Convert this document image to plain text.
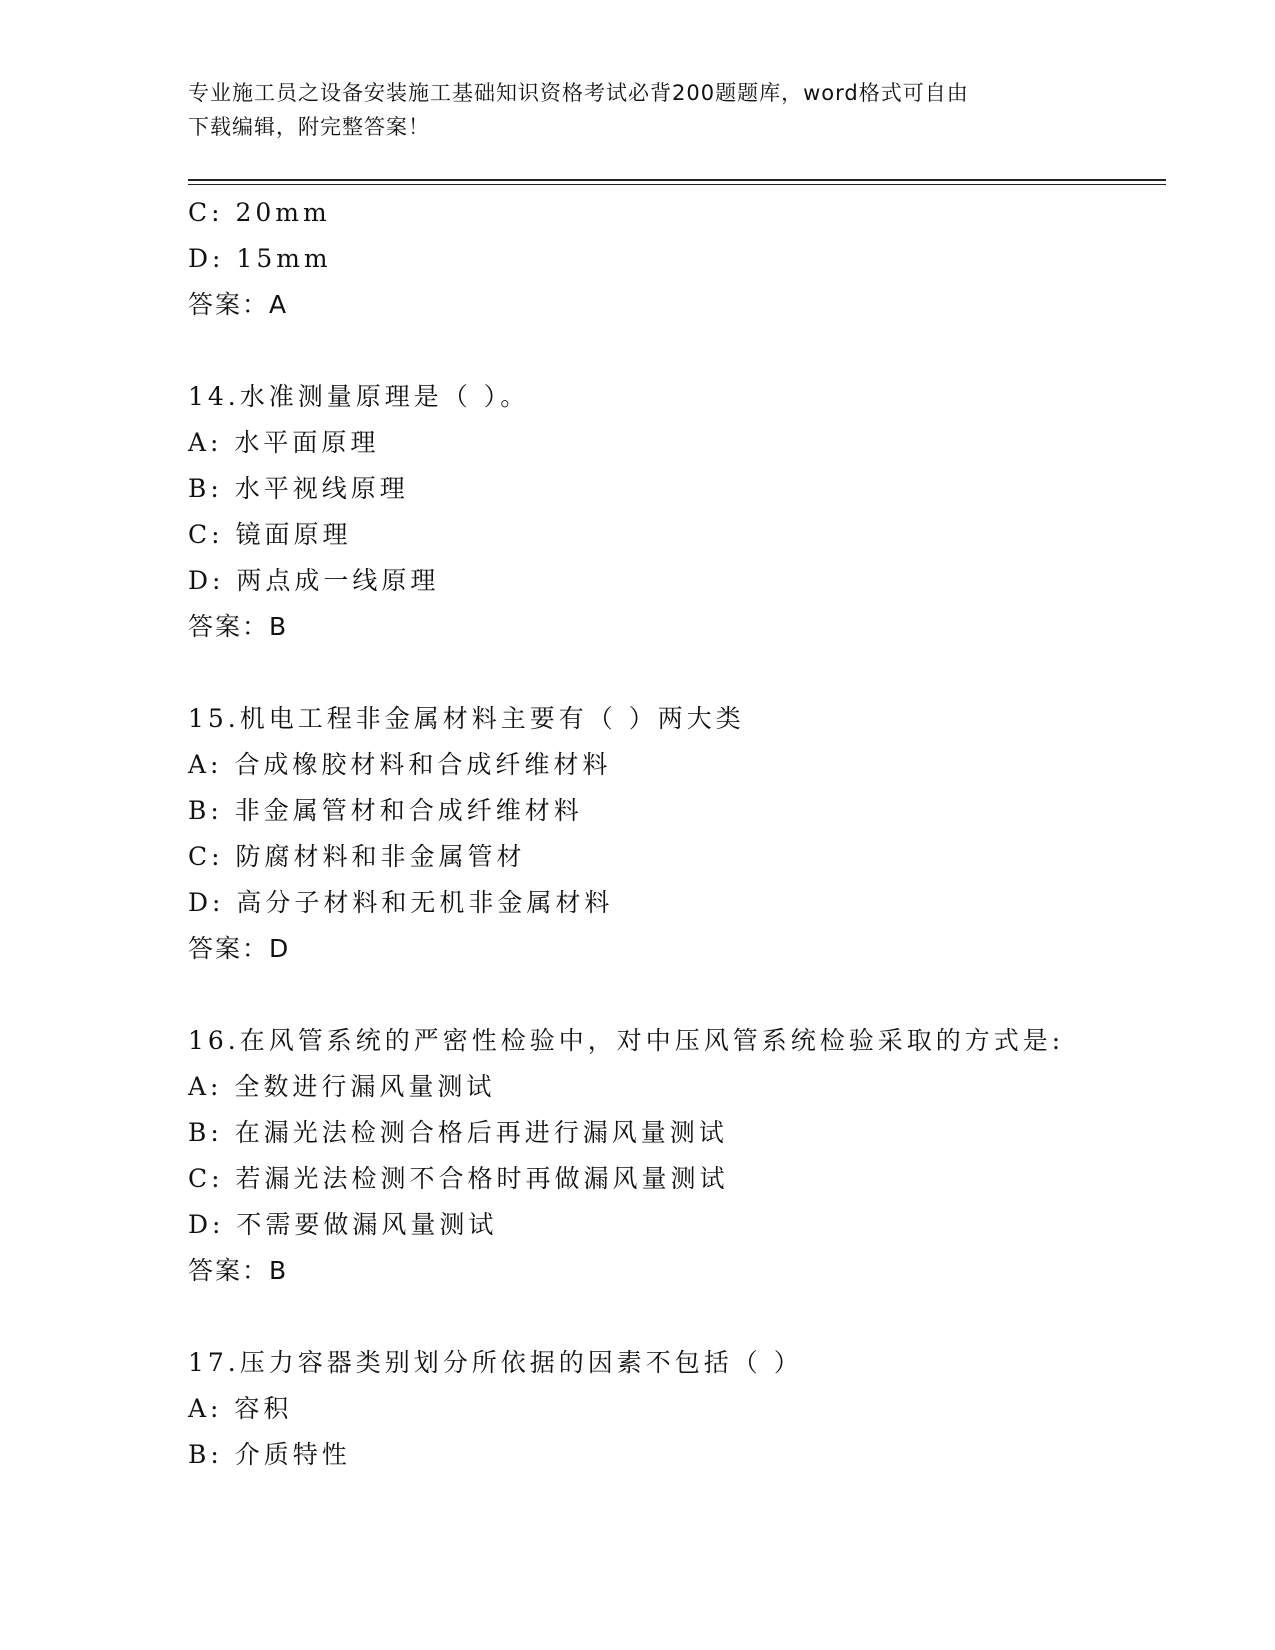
专业施工员之设备安装施工基础知识资格考试必背200题题库，word格式可自由
下载编辑，附完整答案！
C: 20mm
D: 15mm
答案：A
14.水准测量原理是（ ）。
A: 水平面原理
B: 水平视线原理
C: 镜面原理
D: 两点成一线原理
答案：B
15.机电工程非金属材料主要有（ ）两大类
A: 合成橡胶材料和合成纤维材料
B: 非金属管材和合成纤维材料
C: 防腐材料和非金属管材
D: 高分子材料和无机非金属材料
答案：D
16.在风管系统的严密性检验中，对中压风管系统检验采取的方式是:
A: 全数进行漏风量测试
B: 在漏光法检测合格后再进行漏风量测试
C: 若漏光法检测不合格时再做漏风量测试
D: 不需要做漏风量测试
答案：B
17.压力容器类别划分所依据的因素不包括（ ）
A: 容积
B: 介质特性
